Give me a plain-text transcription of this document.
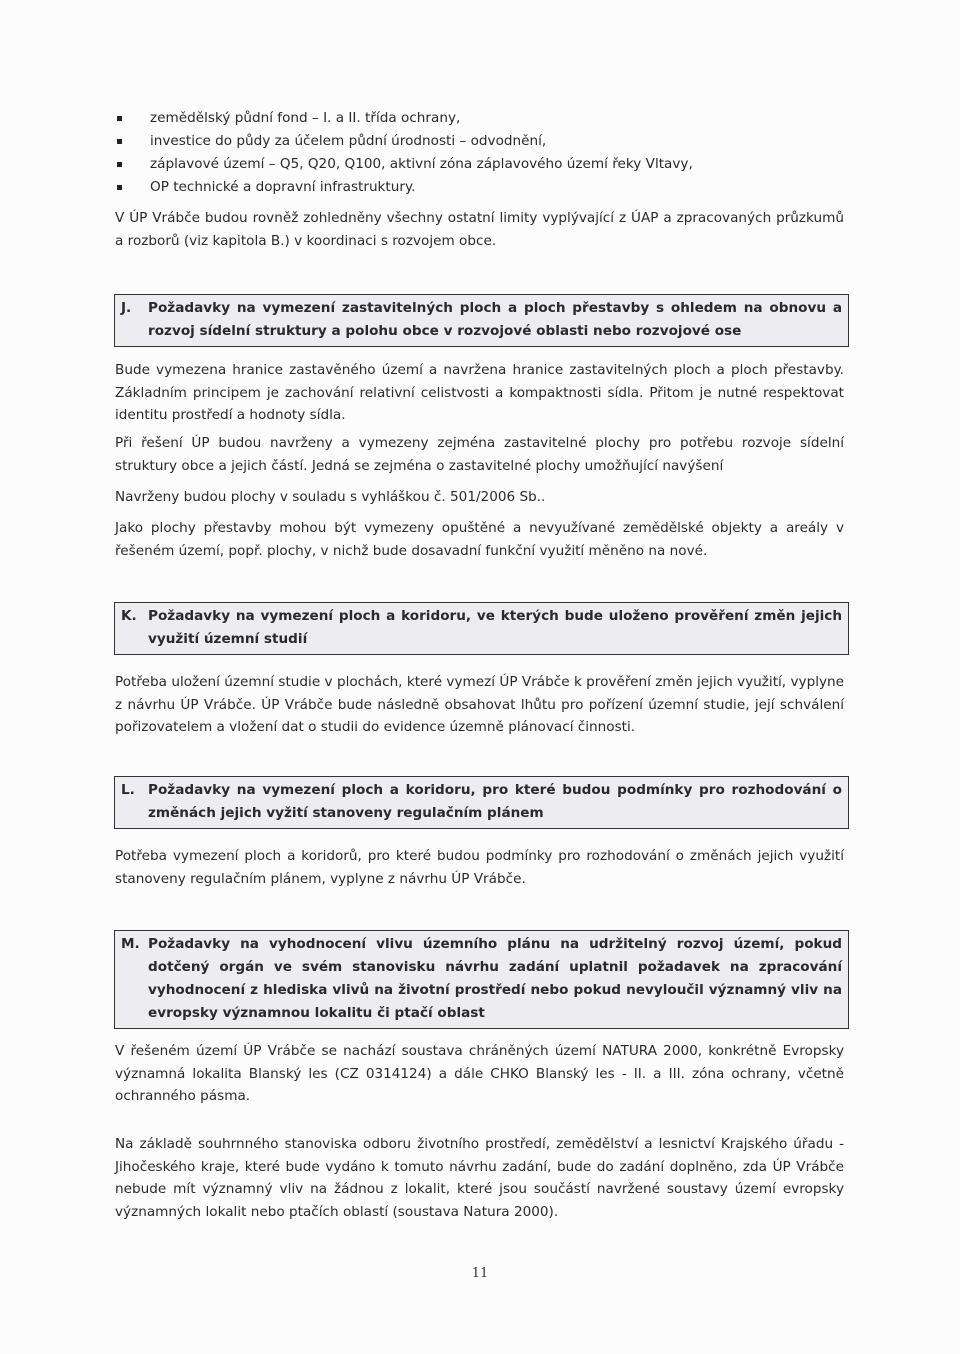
zemědělský půdní fond – I. a II. třída ochrany,
investice do půdy za účelem půdní úrodnosti – odvodnění,
záplavové území – Q5, Q20, Q100, aktivní zóna záplavového území řeky Vltavy,
OP technické a dopravní infrastruktury.

V ÚP Vrábče budou rovněž zohledněny všechny ostatní limity vyplývající z ÚAP a zpracovaných průzkumů a rozborů (viz kapitola B.) v koordinaci s rozvojem obce.

J.	Požadavky na vymezení zastavitelných ploch a ploch přestavby s ohledem na obnovu a rozvoj sídelní struktury a polohu obce v rozvojové oblasti nebo rozvojové ose

Bude vymezena hranice zastavěného území a navržena hranice zastavitelných ploch a ploch přestavby. Základním principem je zachování relativní celistvosti a kompaktnosti sídla. Přitom je nutné respektovat identitu prostředí a hodnoty sídla.

Při řešení ÚP budou navrženy a vymezeny zejména zastavitelné plochy pro potřebu rozvoje sídelní struktury obce a jejich částí. Jedná se zejména o zastavitelné plochy umožňující navýšení

Navrženy budou plochy v souladu s vyhláškou č. 501/2006 Sb..

Jako plochy přestavby mohou být vymezeny opuštěné a nevyužívané zemědělské objekty a areály v řešeném území, popř. plochy, v nichž bude dosavadní funkční využití měněno na nové.

K. Požadavky na vymezení ploch a koridoru, ve kterých bude uloženo prověření změn jejich využití územní studií

Potřeba uložení územní studie v plochách, které vymezí ÚP Vrábče k prověření změn jejich využití, vyplyne z návrhu ÚP Vrábče. ÚP Vrábče bude následně obsahovat lhůtu pro pořízení územní studie, její schválení pořizovatelem a vložení dat o studii do evidence územně plánovací činnosti.

L. Požadavky na vymezení ploch a koridoru, pro které budou podmínky pro rozhodování o změnách jejich vyžití stanoveny regulačním plánem

Potřeba vymezení ploch a koridorů, pro které budou podmínky pro rozhodování o změnách jejich využití stanoveny regulačním plánem, vyplyne z návrhu ÚP Vrábče.

M. Požadavky na vyhodnocení vlivu územního plánu na udržitelný rozvoj území, pokud dotčený orgán ve svém stanovisku návrhu zadání uplatnil požadavek na zpracování vyhodnocení z hlediska vlivů na životní prostředí nebo pokud nevyloučil významný vliv na evropsky významnou lokalitu či ptačí oblast

V řešeném území ÚP Vrábče se nachází soustava chráněných území NATURA 2000, konkrétně Evropsky významná lokalita Blanský les (CZ 0314124) a dále CHKO Blanský les - II. a III. zóna ochrany, včetně ochranného pásma.

Na základě souhrnného stanoviska odboru životního prostředí, zemědělství a lesnictví Krajského úřadu - Jihočeského kraje, které bude vydáno k tomuto návrhu zadání, bude do zadání doplněno, zda ÚP Vrábče nebude mít významný vliv na žádnou z lokalit, které jsou součástí navržené soustavy území evropsky významných lokalit nebo ptačích oblastí (soustava Natura 2000).

11
